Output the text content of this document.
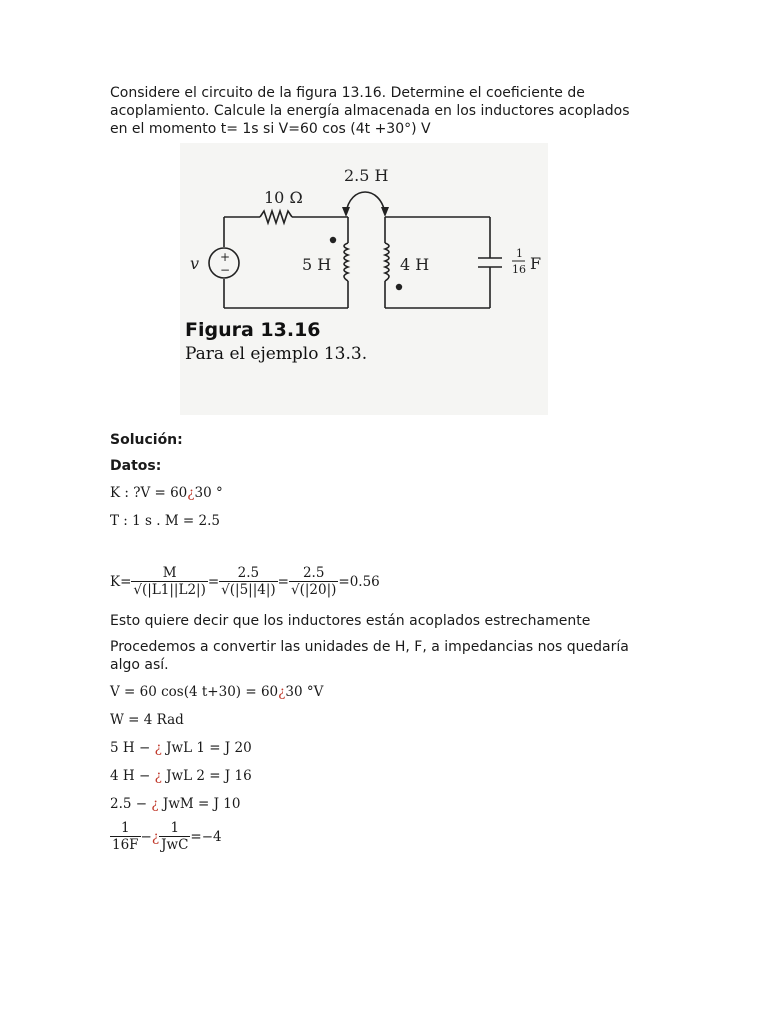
Considere el circuito de la figura 13.16. Determine el coeficiente de acoplamiento. Calcule la energía almacenada en los inductores acoplados en el momento t= 1s si V=60 cos (4t +30°) V
+
−
v
2.5 H
10 Ω
5 H	4 H
1
16 F
Figura 13.16
Para el ejemplo 13.3.
Solución:
Datos:
K : ?V = 60¿30 °
T : 1 s . M = 2.5
$K= \frac{M}{√(|L1||L2|)} = \frac{2.5}{√(|5||4|)} = \frac{2.5}{√(|20|)} =0.56$
Esto quiere decir que los inductores están acoplados estrechamente
Procedemos a convertir las unidades de H, F, a impedancias nos quedaría algo así.
V = 60 cos(4 t+30) = 60¿30 °V
W = 4 Rad
5 H − ¿ JwL 1 = J 20
4 H − ¿ JwL 2 = J 16
2.5 − ¿ JwM = J 10
$\frac{1}{16F}$ −¿ $\frac{1}{\text{JwC}} =-4$
